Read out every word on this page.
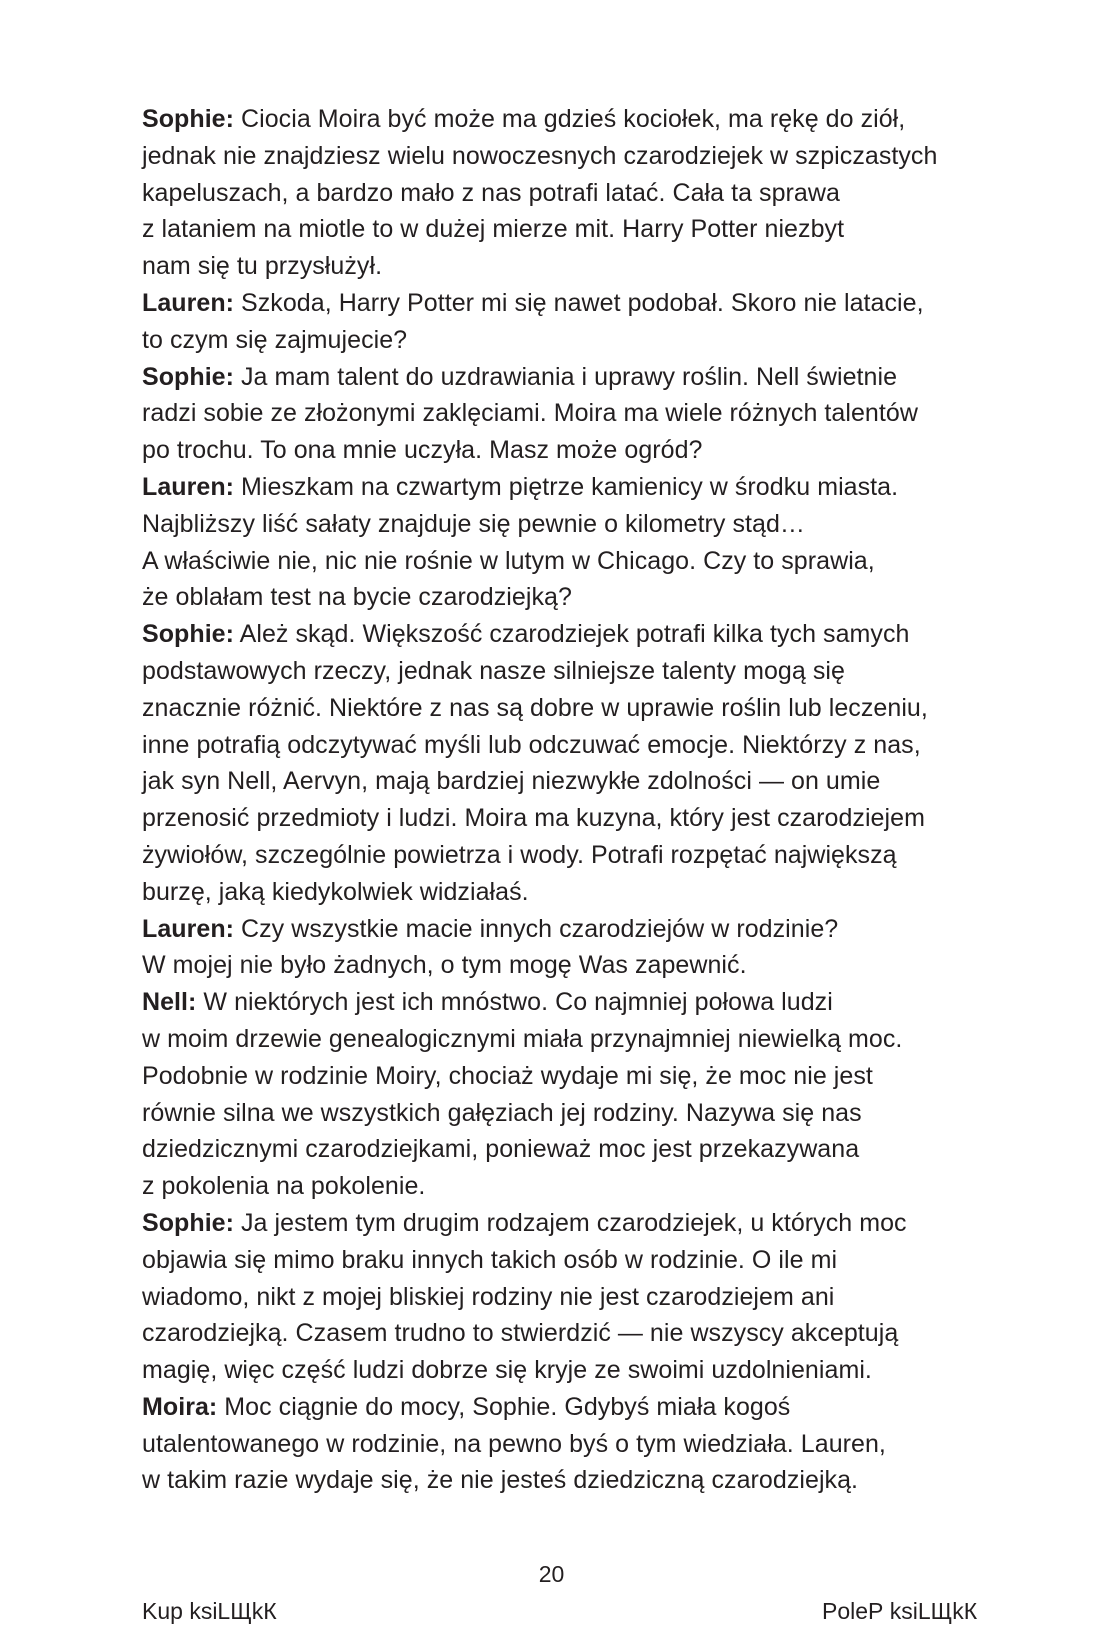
Sophie: Ciocia Moira być może ma gdzieś kociołek, ma rękę do ziół,
jednak nie znajdziesz wielu nowoczesnych czarodziejek w szpiczastych
kapeluszach, a bardzo mało z nas potrafi latać. Cała ta sprawa
z lataniem na miotle to w dużej mierze mit. Harry Potter niezbyt
nam się tu przysłużył.
Lauren: Szkoda, Harry Potter mi się nawet podobał. Skoro nie latacie,
to czym się zajmujecie?
Sophie: Ja mam talent do uzdrawiania i uprawy roślin. Nell świetnie
radzi sobie ze złożonymi zaklęciami. Moira ma wiele różnych talentów
po trochu. To ona mnie uczyła. Masz może ogród?
Lauren: Mieszkam na czwartym piętrze kamienicy w środku miasta.
Najbliższy liść sałaty znajduje się pewnie o kilometry stąd…
A właściwie nie, nic nie rośnie w lutym w Chicago. Czy to sprawia,
że oblałam test na bycie czarodziejką?
Sophie: Ależ skąd. Większość czarodziejek potrafi kilka tych samych
podstawowych rzeczy, jednak nasze silniejsze talenty mogą się
znacznie różnić. Niektóre z nas są dobre w uprawie roślin lub leczeniu,
inne potrafią odczytywać myśli lub odczuwać emocje. Niektórzy z nas,
jak syn Nell, Aervyn, mają bardziej niezwykłe zdolności — on umie
przenosić przedmioty i ludzi. Moira ma kuzyna, który jest czarodziejem
żywiołów, szczególnie powietrza i wody. Potrafi rozpętać największą
burzę, jaką kiedykolwiek widziałaś.
Lauren: Czy wszystkie macie innych czarodziejów w rodzinie?
W mojej nie było żadnych, o tym mogę Was zapewnić.
Nell: W niektórych jest ich mnóstwo. Co najmniej połowa ludzi
w moim drzewie genealogicznymi miała przynajmniej niewielką moc.
Podobnie w rodzinie Moiry, chociaż wydaje mi się, że moc nie jest
równie silna we wszystkich gałęziach jej rodziny. Nazywa się nas
dziedzicznymi czarodziejkami, ponieważ moc jest przekazywana
z pokolenia na pokolenie.
Sophie: Ja jestem tym drugim rodzajem czarodziejek, u których moc
objawia się mimo braku innych takich osób w rodzinie. O ile mi
wiadomo, nikt z mojej bliskiej rodziny nie jest czarodziejem ani
czarodziejką. Czasem trudno to stwierdzić — nie wszyscy akceptują
magię, więc część ludzi dobrze się kryje ze swoimi uzdolnieniami.
Moira: Moc ciągnie do mocy, Sophie. Gdybyś miała kogoś
utalentowanego w rodzinie, na pewno byś o tym wiedziała. Lauren,
w takim razie wydaje się, że nie jesteś dziedziczną czarodziejką.
20
Kup ksiLЩkК	PoleР ksiLЩkК
